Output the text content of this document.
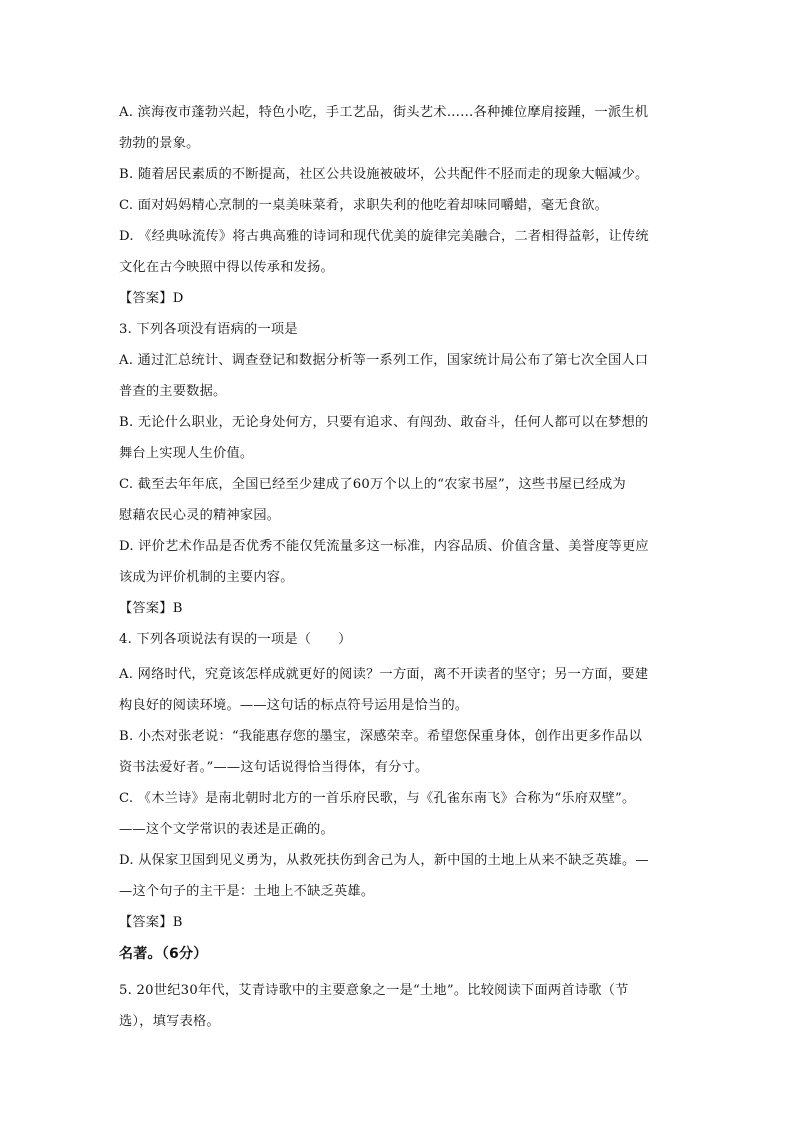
A. 滨海夜市蓬勃兴起，特色小吃，手工艺品，街头艺术……各种摊位摩肩接踵，一派生机
勃勃的景象。
B. 随着居民素质的不断提高，社区公共设施被破坏，公共配件不胫而走的现象大幅减少。
C. 面对妈妈精心烹制的一桌美味菜肴，求职失利的他吃着却味同嚼蜡，毫无食欲。
D. 《经典咏流传》将古典高雅的诗词和现代优美的旋律完美融合，二者相得益彰，让传统
文化在古今映照中得以传承和发扬。
【答案】D
3. 下列各项没有语病的一项是
A. 通过汇总统计、调查登记和数据分析等一系列工作，国家统计局公布了第七次全国人口
普查的主要数据。
B. 无论什么职业，无论身处何方，只要有追求、有闯劲、敢奋斗，任何人都可以在梦想的
舞台上实现人生价值。
C. 截至去年年底，全国已经至少建成了60万个以上的“农家书屋”，这些书屋已经成为
慰藉农民心灵的精神家园。
D. 评价艺术作品是否优秀不能仅凭流量多这一标准，内容品质、价值含量、美誉度等更应
该成为评价机制的主要内容。
【答案】B
4. 下列各项说法有误的一项是（　　）
A. 网络时代，究竟该怎样成就更好的阅读？一方面，离不开读者的坚守；另一方面，要建
构良好的阅读环境。——这句话的标点符号运用是恰当的。
B. 小杰对张老说：“我能惠存您的墨宝，深感荣幸。希望您保重身体，创作出更多作品以
资书法爱好者。”——这句话说得恰当得体，有分寸。
C. 《木兰诗》是南北朝时北方的一首乐府民歌，与《孔雀东南飞》合称为“乐府双壁”。
——这个文学常识的表述是正确的。
D. 从保家卫国到见义勇为，从救死扶伤到舍己为人，新中国的土地上从来不缺乏英雄。—
—这个句子的主干是：土地上不缺乏英雄。
【答案】B
名著。（6分）
5. 20世纪30年代，艾青诗歌中的主要意象之一是“土地”。比较阅读下面两首诗歌（节
选），填写表格。
